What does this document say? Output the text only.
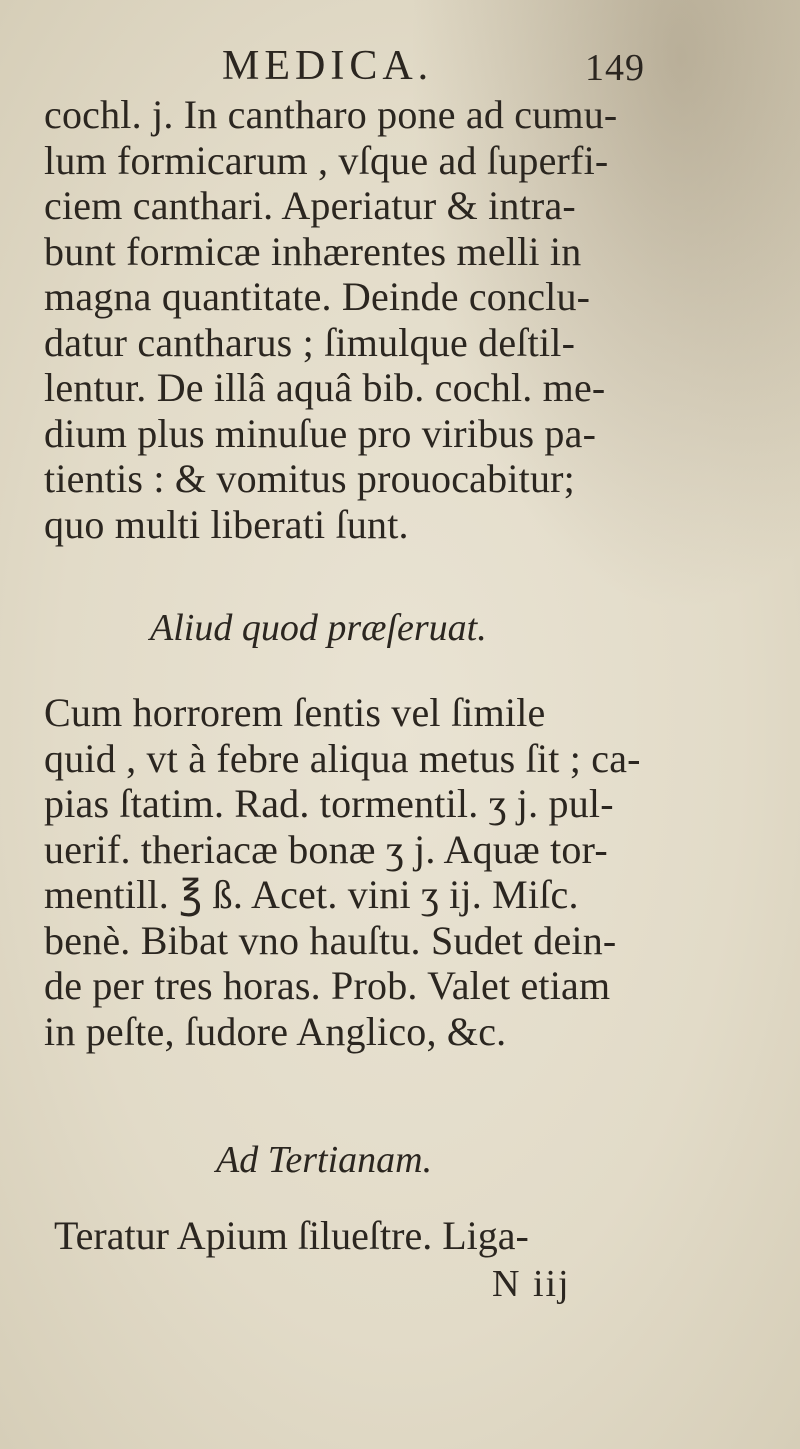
MEDICA.	149
cochl. j. In cantharo pone ad cumu-
lum formicarum , vſque ad ſuperfi-
ciem canthari. Aperiatur & intra-
bunt formicæ inhærentes melli in
magna quantitate. Deinde conclu-
datur cantharus ; ſimulque deſtil-
lentur. De illâ aquâ bib. cochl. me-
dium plus minuſue pro viribus pa-
tientis : & vomitus prouocabitur;
quo multi liberati ſunt.
Aliud quod præſeruat.
Cum horrorem ſentis vel ſimile
quid , vt à febre aliqua metus ſit ; ca-
pias ſtatim. Rad. tormentil. ʒ j. pul-
uerif. theriacæ bonæ ʒ j. Aquæ tor-
mentill. ℥ ß. Acet. vini ʒ ij. Miſc.
benè. Bibat vno hauſtu. Sudet dein-
de per tres horas. Prob. Valet etiam
in peſte, ſudore Anglico, &c.
Ad Tertianam.
Teratur Apium ſilueſtre. Liga-
N iij
